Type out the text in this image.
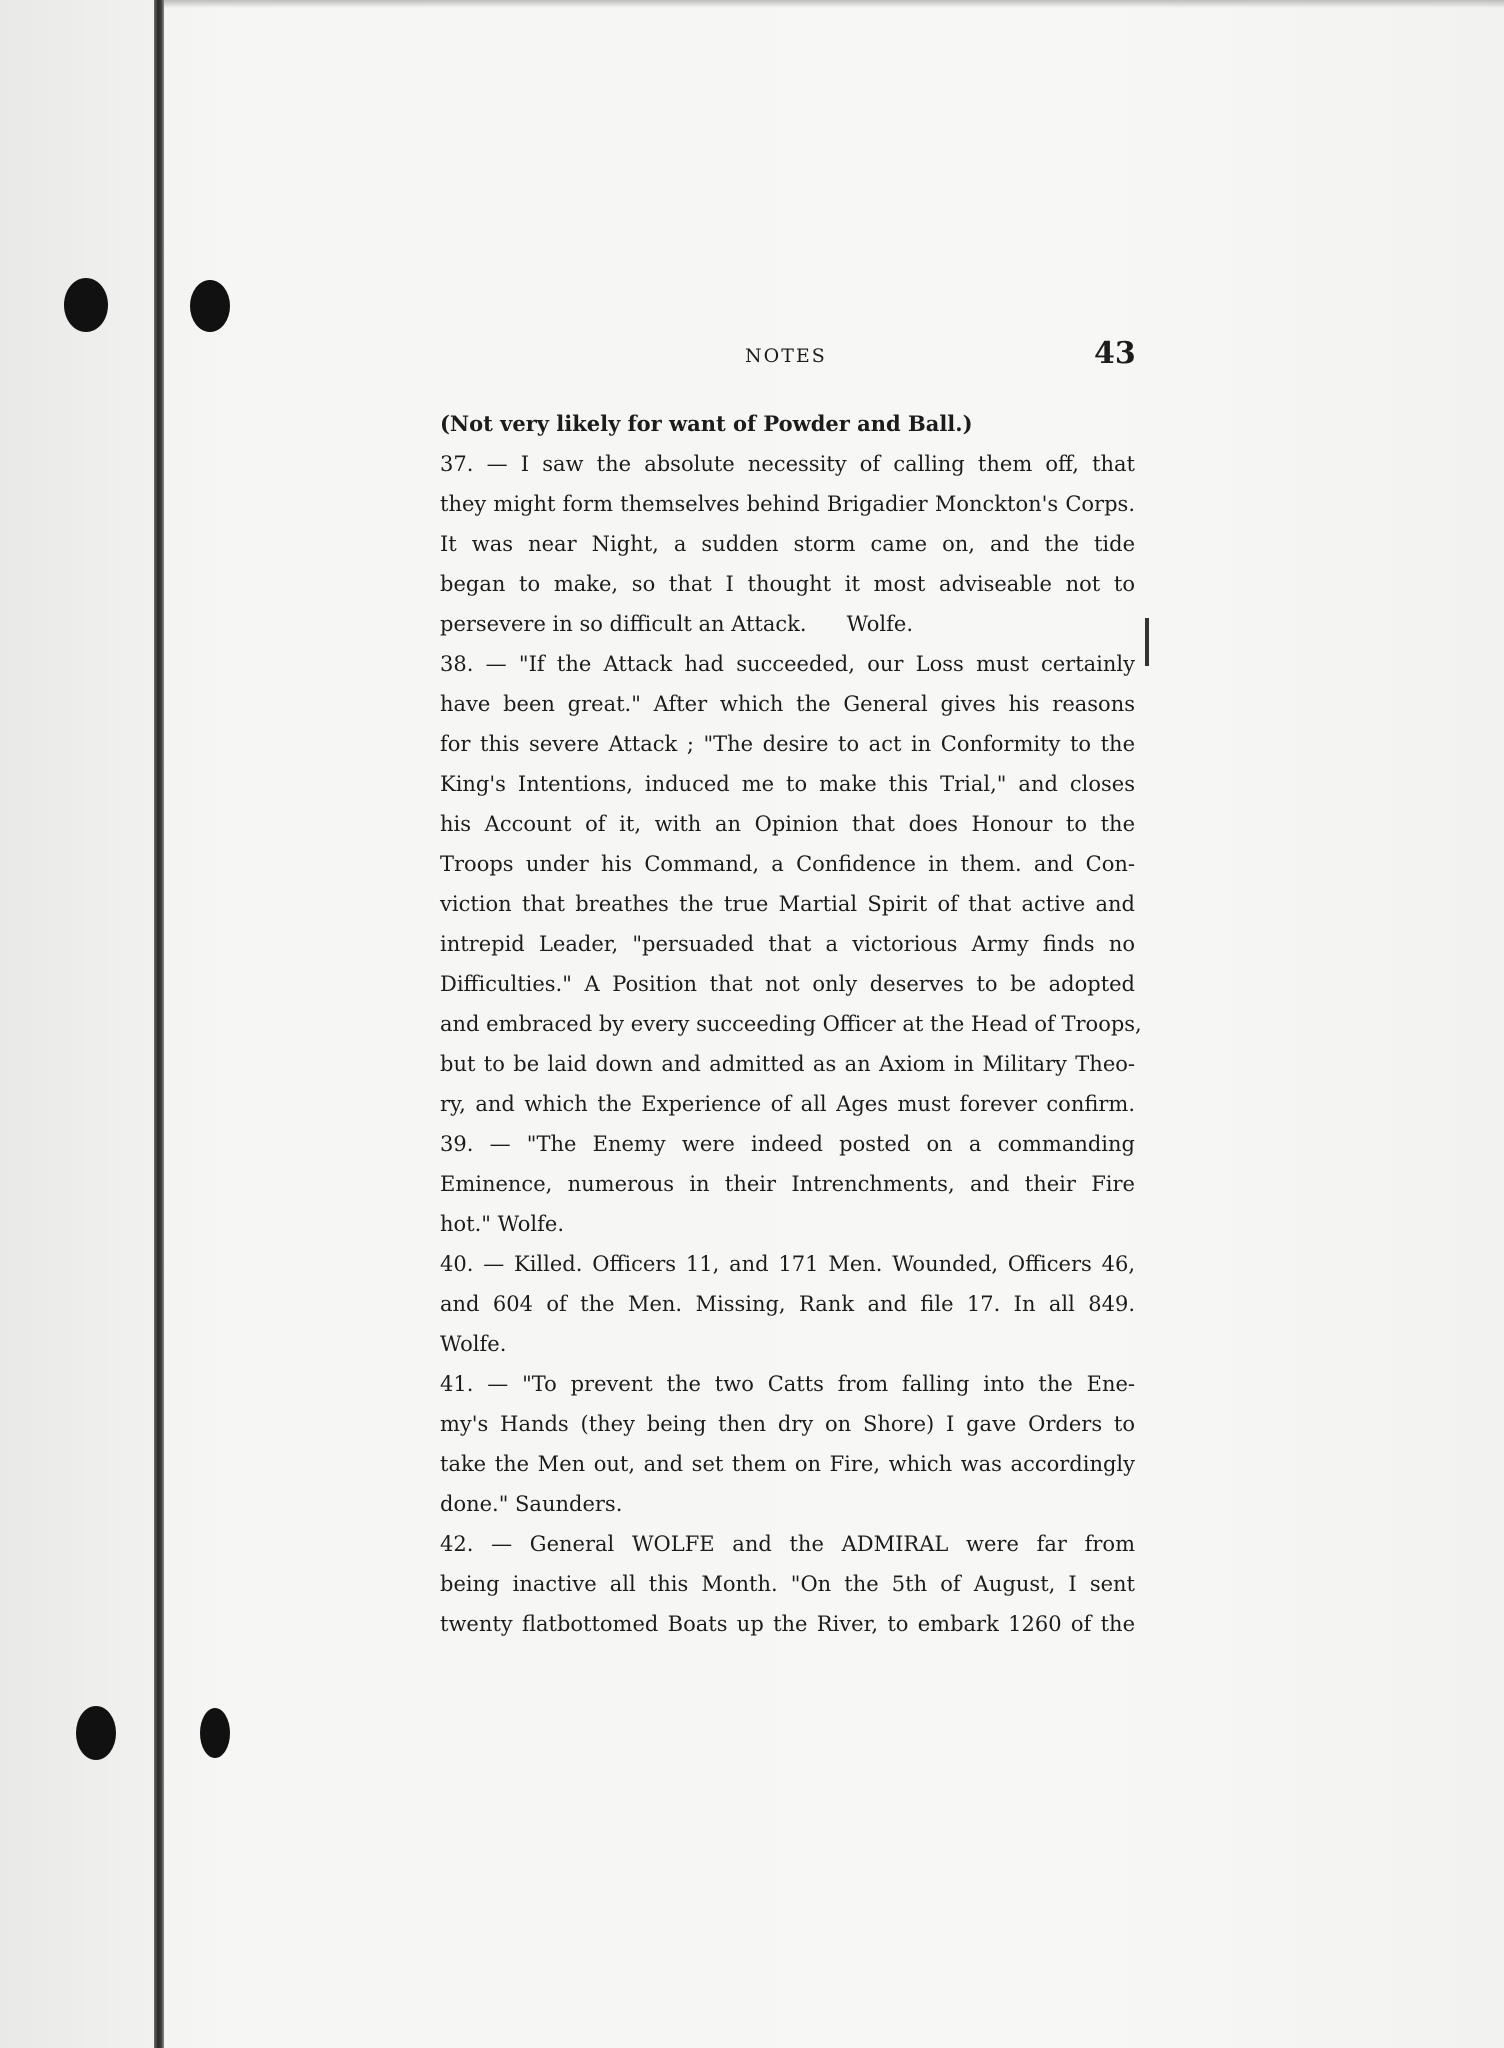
NOTES	43
(Not very likely for want of Powder and Ball.)
37. — I saw the absolute necessity of calling them off, that
they might form themselves behind Brigadier Monckton's Corps.
It was near Night, a sudden storm came on, and the tide
began to make, so that I thought it most adviseable not to
persevere in so difficult an Attack.      Wolfe.
38. — "If the Attack had succeeded, our Loss must certainly
have been great." After which the General gives his reasons
for this severe Attack ; "The desire to act in Conformity to the
King's Intentions, induced me to make this Trial," and closes
his Account of it, with an Opinion that does Honour to the
Troops under his Command, a Confidence in them. and Con-
viction that breathes the true Martial Spirit of that active and
intrepid Leader, "persuaded that a victorious Army finds no
Difficulties." A Position that not only deserves to be adopted
and embraced by every succeeding Officer at the Head of Troops,
but to be laid down and admitted as an Axiom in Military Theo-
ry, and which the Experience of all Ages must forever confirm.
39. — "The Enemy were indeed posted on a commanding
Eminence, numerous in their Intrenchments, and their Fire
hot." Wolfe.
40. — Killed. Officers 11, and 171 Men. Wounded, Officers 46,
and 604 of the Men. Missing, Rank and file 17. In all 849.
Wolfe.
41. — "To prevent the two Catts from falling into the Ene-
my's Hands (they being then dry on Shore) I gave Orders to
take the Men out, and set them on Fire, which was accordingly
done." Saunders.
42. — General WOLFE and the ADMIRAL were far from
being inactive all this Month. "On the 5th of August, I sent
twenty flatbottomed Boats up the River, to embark 1260 of the
